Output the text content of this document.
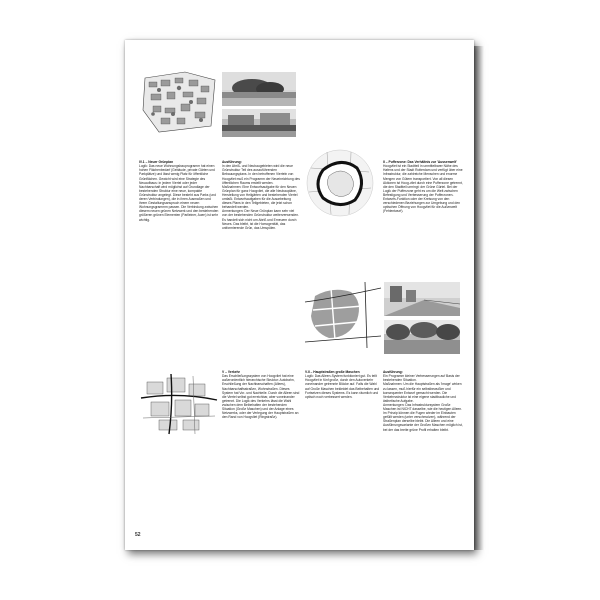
IV.1 – Neuer Grünplan
Logik: Das neue Wohnungsbauprogramm hat einen hohen Flächenbedarf (Gebäude, private Gärten und Parkplätze) und lässt wenig Platz für öffentliche Grünflächen. Gewicht wird eine Strategie des Neuaufbaus: in jedem Viertel oder jeder Nachbarschaft wird möglichst auf Grundlage der bestehenden Struktur eine neue, kompakte Grünstruktur angelegt. Diese besteht aus Parks (und deren Verbindungen), die in ihren Ausmaßen und ihrem Gestaltungsanspruch einem neuen Wohnungsgrammm passen. Die Verbindung zwischen diesem neuen grünen Netzwerk und den bestehenden größeren grünen Elementen (Parlleiner, Auen) ist sehr wichtig.

Ausführung:
In den Abriß- und Neubaugebieten wird die neue Grünstruktur Teil des auszuführenden Bebauungsplans. In den betroffenen Vierteln von Hoogvliet muß ein Programm der Neueinrichtung des öffentlichen Raums erstellt werden.
Maßnahmen: Eine Entwurfsaufgabe für den Neuen Grünplan für ganz Hoogvliet, die alle Neubaupläne, Herstellung von Heilgärten und bestehenden Viertel umfaßt. Entwurfsaufgaben für die Ausarbeitung dieses Plans in den Teilgebieten, die jetzt schon behandelt werden.
Anmerkungen: Der Neue Grünplan kann sehr viel von der bestehenden Grünstruktur weiterverwenden. Es handelt sich nicht um Abriß und Erneuern durch Neues. Das bleibt, ist die Homogenität, das uniformierende Grün, das Umspülen.

II – Pufferzone: Das Verhältnis zur 'Aussenwelt'
Hoogvliet ist ein Stadtteil in unmittelbarer Nähe des Hafens und der Stadt Rotterdam und verfügt über eine Infrastruktur, die zahlreiche Menschen und enorme Mengen von Gütern transportiert. Von all diesen Aktionen ist Hoog-vliet durch eine Pufferzone getrennt, die den Stadtteil umringt: der Grüne Gürtel. Bei der Logik der Pufferzone geht es um die Welt zwischen Befestigung und Verbesserung der Pufferzonen-Entwurfs-Funktion oder der Kreisung von den verschiedenen Beziehungen zur Umgebung und den optischen Öffnung von Hoogvliet für die Außenwelt (Fehlentwurf).

V – Verkehr
Das Erschließungssystem von Hoogvliet hat eine außerordentlich hierarchische Struktur: Autobahn, Erschließung der Nachbarschaften (Allees), Nachbarschaftsstraßen, Wohnstraßen. Dieses System hat Vor- und Nachteile. Durch die Alleen sind die Viertel selbst gut erreichbar, aber voneinander getrennt. Die Logik des Verkehrs lässt die Wahl zwischen dem Beibehalten der bestehenden Situation (Große Maschen) und der Anlage eines Netzwerks, oder der Verlegung der Hauptstraßen an den Rand von Hoogvliet (Ringstraße).

V.II – Hauptstraßen große Maschen
Logik: Das Alleen-System funktioniert gut. Es teilt Hoogvliet in fünf große, durch den Autoverkehr voneinander getrennte Blöcke auf. Falls die Wahl auf Große Maschen bekleidet das Beibehalten und Fortsetzen dieses Systems. Es kann räumlich und optisch noch verbessert werden.

Ausführung:
Ein Programm kleiner Verbesserungen auf Basis der bestehenden Situation.
Maßnahmen: Um die Hauptstraßen als 'Image' wirken zu lassen, muß hierfür ein selbstbewußter und konsequenter Entwurf gemacht werden. Die Verkehrsstruktur ist eine eigene stadtbauliche und ästhetische Aufgabe.
Anmerkungen: Das Infrastruktursystem Große Maschen ist NICHT dasselbe, wie die heutigen Alleen. Im Prinzip können die Fugen wieder im Einbauten gefüllt werden (unter verschmolzen), während der Straßenplan derselbe bleibt. Die Alleen und eine Ausführungsvariante der Großen Maschen möglich ist, bei der das breite grüne Profil erhalten bleibt.

52
